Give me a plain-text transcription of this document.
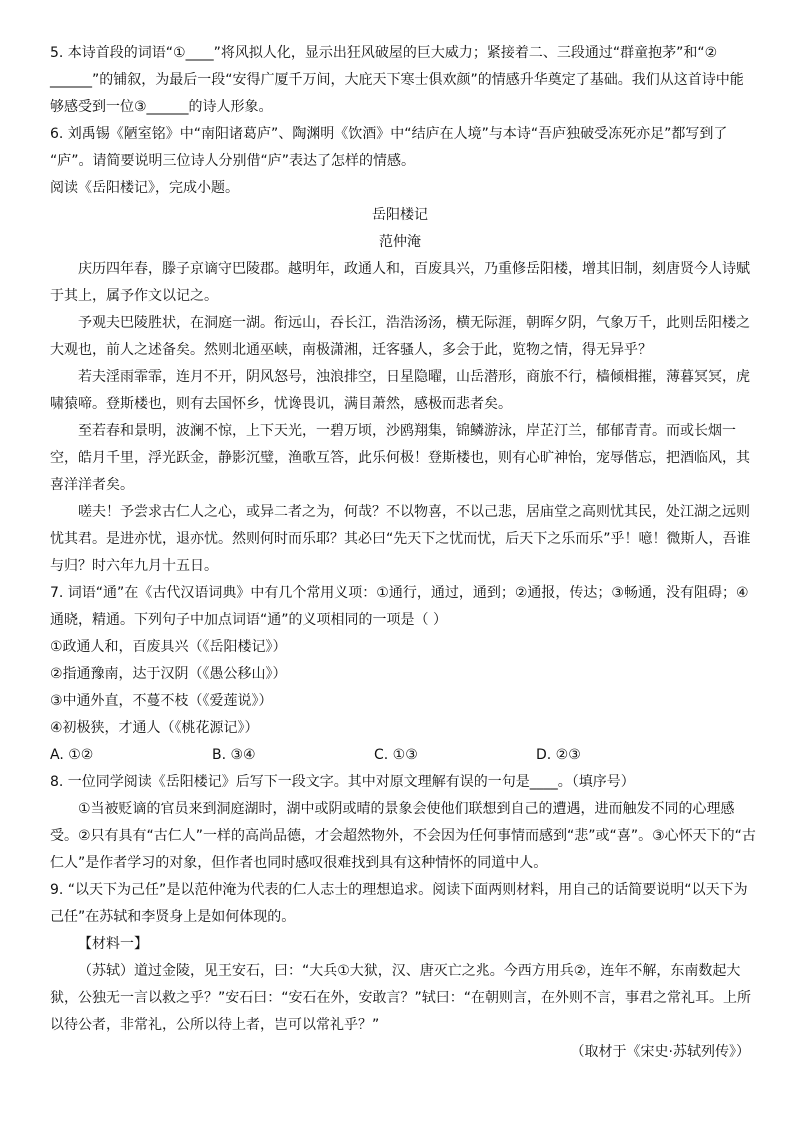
5. 本诗首段的词语“①____”将风拟人化，显示出狂风破屋的巨大威力；紧接着二、三段通过“群童抱茅”和“②
______”的铺叙，为最后一段“安得广厦千万间，大庇天下寒士俱欢颜”的情感升华奠定了基础。我们从这首诗中能
够感受到一位③______的诗人形象。
6. 刘禹锡《陋室铭》中“南阳诸葛庐”、陶渊明《饮酒》中“结庐在人境”与本诗“吾庐独破受冻死亦足”都写到了
“庐”。请简要说明三位诗人分别借“庐”表达了怎样的情感。
阅读《岳阳楼记》，完成小题。
岳阳楼记
范仲淹
庆历四年春，滕子京谪守巴陵郡。越明年，政通人和，百废具兴，乃重修岳阳楼，增其旧制，刻唐贤今人诗赋
于其上，属予作文以记之。
予观夫巴陵胜状，在洞庭一湖。衔远山，吞长江，浩浩汤汤，横无际涯，朝晖夕阴，气象万千，此则岳阳楼之
大观也，前人之述备矣。然则北通巫峡，南极潇湘，迁客骚人，多会于此，览物之情，得无异乎？
若夫淫雨霏霏，连月不开，阴风怒号，浊浪排空，日星隐曜，山岳潜形，商旅不行，樯倾楫摧，薄暮冥冥，虎
啸猿啼。登斯楼也，则有去国怀乡，忧谗畏讥，满目萧然，感极而悲者矣。
至若春和景明，波澜不惊，上下天光，一碧万顷，沙鸥翔集，锦鳞游泳，岸芷汀兰，郁郁青青。而或长烟一
空，皓月千里，浮光跃金，静影沉璧，渔歌互答，此乐何极！登斯楼也，则有心旷神怡，宠辱偕忘，把酒临风，其
喜洋洋者矣。
嗟夫！予尝求古仁人之心，或异二者之为，何哉？不以物喜，不以己悲，居庙堂之高则忧其民，处江湖之远则
忧其君。是进亦忧，退亦忧。然则何时而乐耶？其必曰“先天下之忧而忧，后天下之乐而乐”乎！噫！微斯人，吾谁
与归？时六年九月十五日。
7. 词语“通”在《古代汉语词典》中有几个常用义项：①通行，通过，通到；②通报，传达；③畅通，没有阻碍；④
通晓，精通。下列句子中加点词语“通”的义项相同的一项是（ ）
①政通人和，百废具兴（《岳阳楼记》）
②指通豫南，达于汉阴（《愚公移山》）
③中通外直，不蔓不枝（《爱莲说》）
④初极狭，才通人（《桃花源记》）
A. ①②	B. ③④	C. ①③	D. ②③
8. 一位同学阅读《岳阳楼记》后写下一段文字。其中对原文理解有误的一句是____。（填序号）
①当被贬谪的官员来到洞庭湖时，湖中或阴或晴的景象会使他们联想到自己的遭遇，进而触发不同的心理感
受。②只有具有“古仁人”一样的高尚品德，才会超然物外，不会因为任何事情而感到“悲”或“喜”。③心怀天下的“古
仁人”是作者学习的对象，但作者也同时感叹很难找到具有这种情怀的同道中人。
9. “以天下为己任”是以范仲淹为代表的仁人志士的理想追求。阅读下面两则材料，用自己的话简要说明“以天下为
己任”在苏轼和李贤身上是如何体现的。
【材料一】
（苏轼）道过金陵，见王安石，曰：“大兵①大狱，汉、唐灭亡之兆。今西方用兵②，连年不解，东南数起大
狱，公独无一言以救之乎？”安石曰：“安石在外，安敢言？”轼曰：“在朝则言，在外则不言，事君之常礼耳。上所
以待公者，非常礼，公所以待上者，岂可以常礼乎？”
（取材于《宋史·苏轼列传》）
